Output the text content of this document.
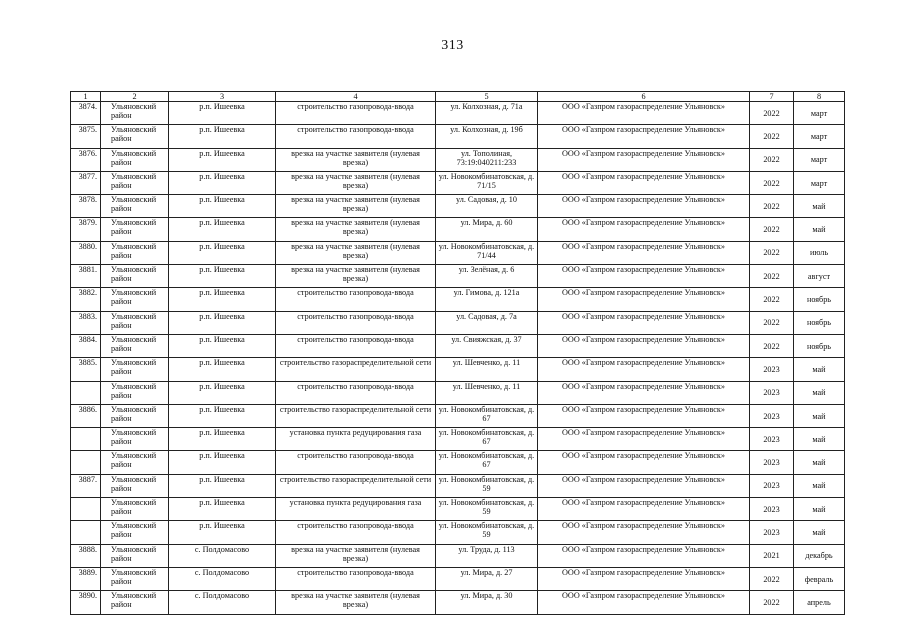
313
1	2	3	4	5	6	7	8
3874.	Ульяновский район	р.п. Ишеевка	строительство газопровода-ввода	ул. Колхозная, д. 71а	ООО «Газпром газораспределение Ульяновск»	2022	март
3875.	Ульяновский район	р.п. Ишеевка	строительство газопровода-ввода	ул. Колхозная, д. 19б	ООО «Газпром газораспределение Ульяновск»	2022	март
3876.	Ульяновский район	р.п. Ишеевка	врезка на участке заявителя (нулевая врезка)	ул. Тополиная, 73:19:040211:233	ООО «Газпром газораспределение Ульяновск»	2022	март
3877.	Ульяновский район	р.п. Ишеевка	врезка на участке заявителя (нулевая врезка)	ул. Новокомбинатовская, д. 71/15	ООО «Газпром газораспределение Ульяновск»	2022	март
3878.	Ульяновский район	р.п. Ишеевка	врезка на участке заявителя (нулевая врезка)	ул. Садовая, д. 10	ООО «Газпром газораспределение Ульяновск»	2022	май
3879.	Ульяновский район	р.п. Ишеевка	врезка на участке заявителя (нулевая врезка)	ул. Мира, д. 60	ООО «Газпром газораспределение Ульяновск»	2022	май
3880.	Ульяновский район	р.п. Ишеевка	врезка на участке заявителя (нулевая врезка)	ул. Новокомбинатовская, д. 71/44	ООО «Газпром газораспределение Ульяновск»	2022	июль
3881.	Ульяновский район	р.п. Ишеевка	врезка на участке заявителя (нулевая врезка)	ул. Зелёная, д. 6	ООО «Газпром газораспределение Ульяновск»	2022	август
3882.	Ульяновский район	р.п. Ишеевка	строительство газопровода-ввода	ул. Гимова, д. 121а	ООО «Газпром газораспределение Ульяновск»	2022	ноябрь
3883.	Ульяновский район	р.п. Ишеевка	строительство газопровода-ввода	ул. Садовая, д. 7а	ООО «Газпром газораспределение Ульяновск»	2022	ноябрь
3884.	Ульяновский район	р.п. Ишеевка	строительство газопровода-ввода	ул. Свияжская, д. 37	ООО «Газпром газораспределение Ульяновск»	2022	ноябрь
3885.	Ульяновский район	р.п. Ишеевка	строительство газораспределительной сети	ул. Шевченко, д. 11	ООО «Газпром газораспределение Ульяновск»	2023	май
	Ульяновский район	р.п. Ишеевка	строительство газопровода-ввода	ул. Шевченко, д. 11	ООО «Газпром газораспределение Ульяновск»	2023	май
3886.	Ульяновский район	р.п. Ишеевка	строительство газораспределительной сети	ул. Новокомбинатовская, д. 67	ООО «Газпром газораспределение Ульяновск»	2023	май
	Ульяновский район	р.п. Ишеевка	установка пункта редуцирования газа	ул. Новокомбинатовская, д. 67	ООО «Газпром газораспределение Ульяновск»	2023	май
	Ульяновский район	р.п. Ишеевка	строительство газопровода-ввода	ул. Новокомбинатовская, д. 67	ООО «Газпром газораспределение Ульяновск»	2023	май
3887.	Ульяновский район	р.п. Ишеевка	строительство газораспределительной сети	ул. Новокомбинатовская, д. 59	ООО «Газпром газораспределение Ульяновск»	2023	май
	Ульяновский район	р.п. Ишеевка	установка пункта редуцирования газа	ул. Новокомбинатовская, д. 59	ООО «Газпром газораспределение Ульяновск»	2023	май
	Ульяновский район	р.п. Ишеевка	строительство газопровода-ввода	ул. Новокомбинатовская, д. 59	ООО «Газпром газораспределение Ульяновск»	2023	май
3888.	Ульяновский район	с. Полдомасово	врезка на участке заявителя (нулевая врезка)	ул. Труда, д. 113	ООО «Газпром газораспределение Ульяновск»	2021	декабрь
3889.	Ульяновский район	с. Полдомасово	строительство газопровода-ввода	ул. Мира, д. 27	ООО «Газпром газораспределение Ульяновск»	2022	февраль
3890.	Ульяновский район	с. Полдомасово	врезка на участке заявителя (нулевая врезка)	ул. Мира, д. 30	ООО «Газпром газораспределение Ульяновск»	2022	апрель
